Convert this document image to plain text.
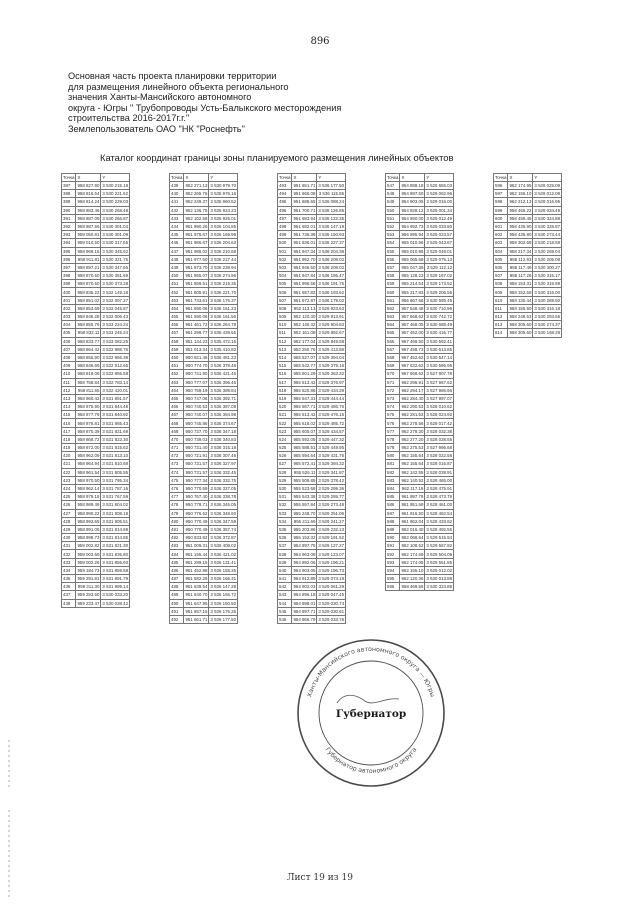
896
Основная часть проекта планировки территории
для размещения линейного объекта регионального
значения Ханты-Мансийского автономного
округа - Югры " Трубопроводы Усть-Балыкского месторождения
строительства 2016-2017г.г."
Землепользователь ОАО "НК "Роснефть"
Каталог координат границы зоны планируемого размещения линейных объектов
Точка	X	Y
387	958 827.90	3 530 215.19
388	958 816.54	3 530 221.62
389	958 814.24	3 530 229.03
390	958 883.46	3 530 268.48
391	958 887.09	3 530 266.87
392	958 987.56	3 530 301.04
393	959 050.81	3 530 301.09
394	959 010.50	3 530 317.65
395	958 968.15	3 530 345.62
396	958 911.81	3 530 321.75
397	958 897.21	3 530 347.65
398	958 870.50	3 530 361.69
399	958 870.50	3 530 373.28
400	958 835.22	3 532 149.18
401	958 851.02	3 532 097.27
402	958 853.69	3 532 045.87
403	958 846.28	3 532 006.43
404	958 855.76	3 533 224.24
405	958 832.11	3 533 245.24
406	958 833.77	3 533 082.25
407	958 864.42	3 532 988.76
408	958 855.90	3 532 956.39
409	958 846.69	3 532 912.65
410	958 819.06	3 532 855.58
411	958 758.84	3 532 783.14
412	958 811.65	3 532 420.01
413	958 860.42	3 531 891.57
414	958 875.90	3 531 844.48
415	958 877.79	3 531 840.92
416	958 876.81	3 531 865.43
417	958 870.39	3 531 821.69
418	958 868.72	3 531 822.30
419	958 872.00	3 531 815.62
420	958 962.09	3 531 813.10
421	958 964.94	3 531 810.68
422	958 961.54	3 531 805.55
423	958 970.50	3 531 795.34
424	958 962.14	3 531 787.16
425	958 979.15	3 531 767.59
426	958 989.49	3 531 804.02
427	958 990.22	3 531 808.18
428	958 992.55	3 531 805.51
429	958 991.05	3 531 814.69
430	958 998.73	3 531 814.85
431	959 002.82	3 531 821.30
432	959 003.59	3 531 835.80
433	959 002.26	3 531 855.93
434	959 184.73	3 531 859.58
435	959 291.81	3 531 891.79
436	959 311.30	3 531 999.14
437	959 293.60	3 530 033.20
438	959 233.47	3 530 038.42
Точка	X	Y
439	952 271.13	3 530 979.70
440	952 265.76	3 535 976.16
441	952 249.37	3 535 960.52
442	952 136.75	3 535 924.23
443	952 102.59	3 535 925.01
444	951 990.26	3 536 104.85
445	951 978.67	3 536 169.99
446	951 986.67	3 536 204.63
447	951 986.02	3 536 210.68
448	951 977.50	3 536 217.44
449	951 973.70	3 536 239.94
450	951 955.07	3 536 274.96
451	951 859.51	3 536 215.35
452	951 805.91	3 536 221.70
453	951 733.61	3 536 176.37
454	951 690.06	3 536 161.23
455	951 590.06	3 536 161.56
456	951 461.72	3 536 264.79
457	951 299.77	3 535 439.55
458	951 144.23	3 535 472.15
459	951 013.34	3 535 410.82
460	950 921.46	3 536 481.23
461	950 774.70	3 536 378.48
462	950 741.90	3 536 421.45
463	950 777.07	3 536 396.45
464	950 759.19	3 536 389.84
465	950 747.06	3 536 392.71
466	950 740.53	3 536 387.08
467	950 740.07	3 536 394.98
468	950 745.86	3 536 374.67
469	950 737.70	3 536 347.18
470	950 739.03	3 536 340.83
471	950 731.40	3 536 315.18
472	950 721.91	3 536 307.46
473	950 731.57	3 536 327.97
474	950 731.57	3 536 332.45
475	950 777.34	3 536 332.75
476	950 770.59	3 536 327.05
477	950 767.40	3 536 338.78
478	950 778.71	3 536 346.05
479	950 776.52	3 536 348.60
480	950 770.49	3 536 347.59
481	950 770.49	3 536 357.74
482	950 833.82	3 536 372.87
483	951 009.31	3 536 408.02
484	951 155.44	3 536 421.02
485	951 289.15	3 536 131.41
486	951 452.98	3 536 155.35
487	951 582.29	3 536 166.31
488	951 639.54	3 536 147.28
489	951 640.70	3 536 156.72
490	951 647.95	3 536 150.50
491	951 657.15	3 536 176.26
492	951 661.71	3 536 177.50
Точка	X	Y
493	951 651.71	3 536 177.50
494	951 666.08	3 536 115.86
495	951 685.65	3 536 088.24
496	951 700.71	3 536 126.85
497	951 683.94	3 536 122.35
498	951 682.01	3 536 147.19
499	951 736.38	3 536 150.93
500	951 836.01	3 536 227.37
501	951 947.34	3 536 204.38
502	951 952.70	3 536 208.02
503	951 946.50	3 536 208.02
504	951 947.84	3 536 195.47
505	951 995.56	3 536 191.75
506	951 957.82	3 536 193.62
507	951 972.87	3 536 179.02
508	952 113.13	3 526 923.63
509	952 120.30	3 529 913.91
510	952 140.32	3 529 904.63
511	952 161.08	3 529 892.67
512	952 177.04	3 529 849.58
513	952 250.75	3 529 413.86
514	955 527.07	3 529 394.04
515	955 542.77	3 529 379.16
516	955 601.29	3 529 363.32
517	955 613.42	3 529 376.97
518	955 620.88	3 529 434.29
519	955 647.31	3 529 444.44
520	955 667.71	3 529 486.76
521	955 613.42	3 529 476.15
522	955 618.02	3 529 485.72
523	955 605.07	3 529 434.57
524	955 592.05	3 529 447.32
525	955 588.51	3 529 449.95
526	955 594.64	3 529 431.76
527	955 572.41	3 529 394.32
528	955 526.11	3 529 341.87
529	955 509.85	3 529 378.42
530	955 523.68	3 529 299.36
531	955 543.38	3 529 285.77
532	955 557.84	3 529 273.48
533	955 248.70	3 529 251.06
534	955 211.69	3 529 241.27
535	955 203.86	3 529 232.13
536	955 152.32	3 529 191.52
537	954 897.75	3 529 127.27
538	954 963.08	3 529 123.07
539	954 892.06	3 529 196.21
540	954 903.05	3 529 196.73
541	954 912.89	3 529 074.18
542	954 902.03	3 529 061.29
543	954 896.18	3 529 047.45
544	954 898.01	3 529 030.74
545	954 897.71	3 529 030.61
546	954 866.79	3 529 033.76
Точка	X	Y
547	954 888.18	3 526 656.03
548	954 897.50	3 529 062.96
549	954 903.05	3 529 016.00
550	954 928.12	3 529 001.34
551	954 950.00	3 529 012.49
552	954 992.73	3 529 033.80
553	956 995.94	3 529 023.57
554	955 010.56	3 529 043.67
555	955 010.95	3 529 049.01
556	955 065.68	3 529 075.13
557	955 047.35	3 529 112.12
558	955 128.23	3 529 167.02
559	955 214.54	3 529 173.52
560	955 317.83	3 529 206.55
561	956 867.66	3 530 595.45
562	957 548.48	3 530 710.96
563	957 668.62	3 530 742.72
564	957 468.05	3 530 688.49
565	957 462.00	3 530 416.77
566	957 469.50	3 530 592.41
567	957 458.73	3 530 613.85
568	957 452.62	3 530 547.14
569	957 622.62	3 530 596.95
570	957 668.62	3 527 907.78
571	962 296.91	3 527 967.62
572	962 294.17	3 527 986.66
573	962 284.40	3 527 997.07
574	962 290.53	3 528 010.62
575	962 281.52	3 528 024.92
576	962 278.56	3 528 017.42
577	962 279.30	3 528 032.38
578	962 277.20	3 528 038.55
579	962 275.53	3 527 996.68
580	962 155.64	3 528 022.58
581	962 155.64	3 528 016.87
582	962 142.55	3 528 038.91
583	962 140.52	3 528 465.00
584	962 117.16	3 528 475.91
585	961 997.76	3 528 473.79
586	961 951.69	3 528 461.00
587	961 916.50	3 528 462.54
588	961 862.04	3 528 433.62
589	962 016.40	3 528 492.55
590	962 068.64	3 529 515.94
591	962 108.52	3 529 567.82
592	962 174.69	3 529 504.09
593	962 174.05	3 529 551.85
594	962 155.10	3 529 012.02
595	962 120.36	3 530 013.88
596	958 469.55	3 530 324.88
Точка	X	Y
596	962 174.95	3 528 025.09
597	962 155.10	3 528 012.09
598	962 212.13	3 528 016.95
599	958 465.22	3 528 034.49
600	958 459.45	3 530 324.88
601	958 435.90	3 530 328.87
602	958 435.80	3 530 273.44
603	958 302.69	3 530 218.59
604	958 217.34	3 530 269.04
605	958 112.93	3 530 205.08
606	958 117.49	3 530 300.27
607	958 117.26	3 530 316.17
608	958 153.31	3 530 316.89
609	958 152.59	3 530 316.00
610	958 130.44	3 530 289.50
611	958 155.90	3 530 316.18
612	958 248.53	3 530 293.56
613	958 305.60	3 530 274.37
614	958 305.60	3 530 168.28
Ханты-Мансийского автономного округа — Югры
Губернатор автономного округа
Губернатор
Лист 19 из 19
